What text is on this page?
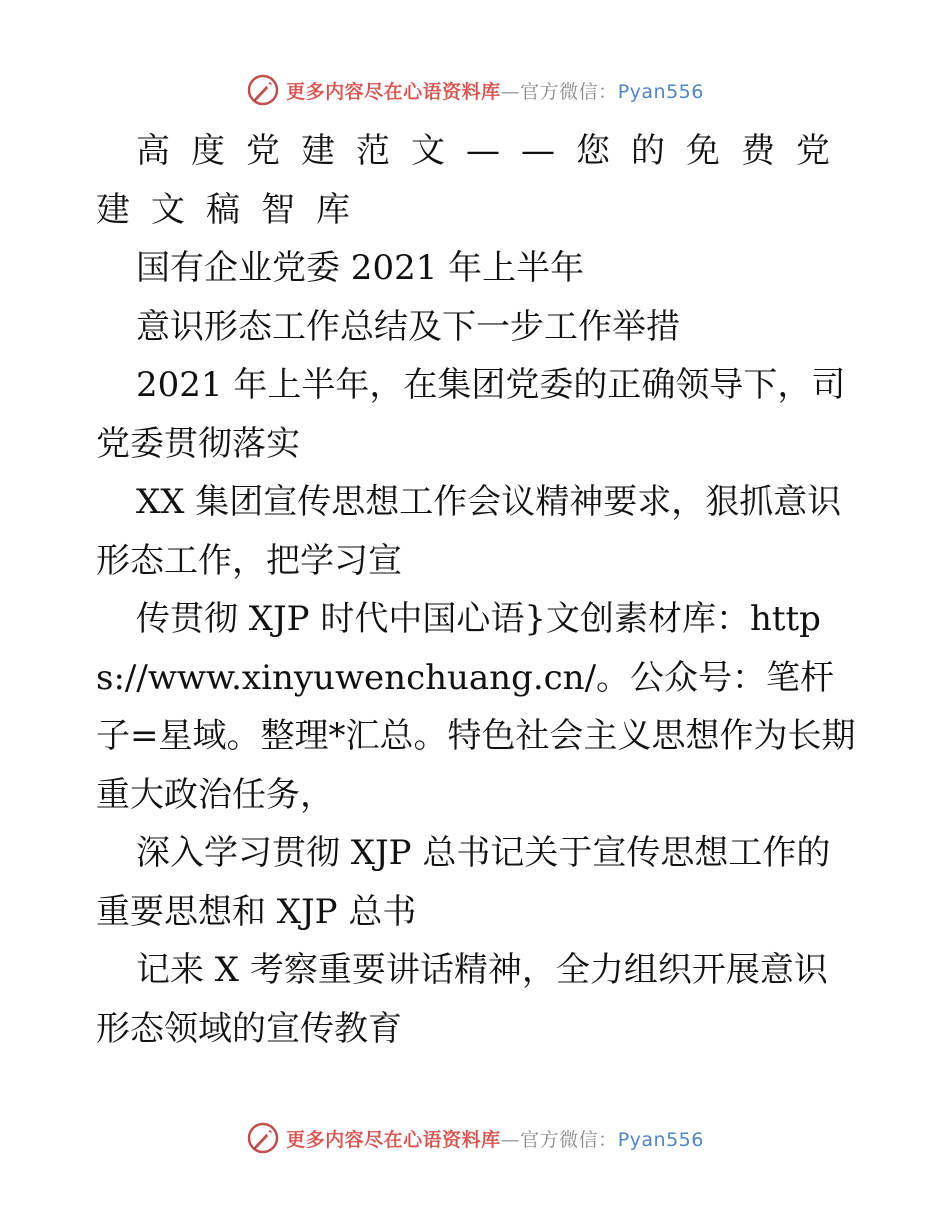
更多内容尽在心语资料库—官方微信：Pyan556

高度党建范文——您的免费党建文稿智库

国有企业党委 2021 年上半年

意识形态工作总结及下一步工作举措

2021 年上半年，在集团党委的正确领导下，司党委贯彻落实

XX 集团宣传思想工作会议精神要求，狠抓意识形态工作，把学习宣

传贯彻 XJP 时代中国心语}文创素材库：https://www.xinyuwenchuang.cn/。公众号：笔杆子=星域。整理*汇总。特色社会主义思想作为长期重大政治任务，

深入学习贯彻 XJP 总书记关于宣传思想工作的重要思想和 XJP 总书

记来 X 考察重要讲话精神，全力组织开展意识形态领域的宣传教育

更多内容尽在心语资料库—官方微信：Pyan556
